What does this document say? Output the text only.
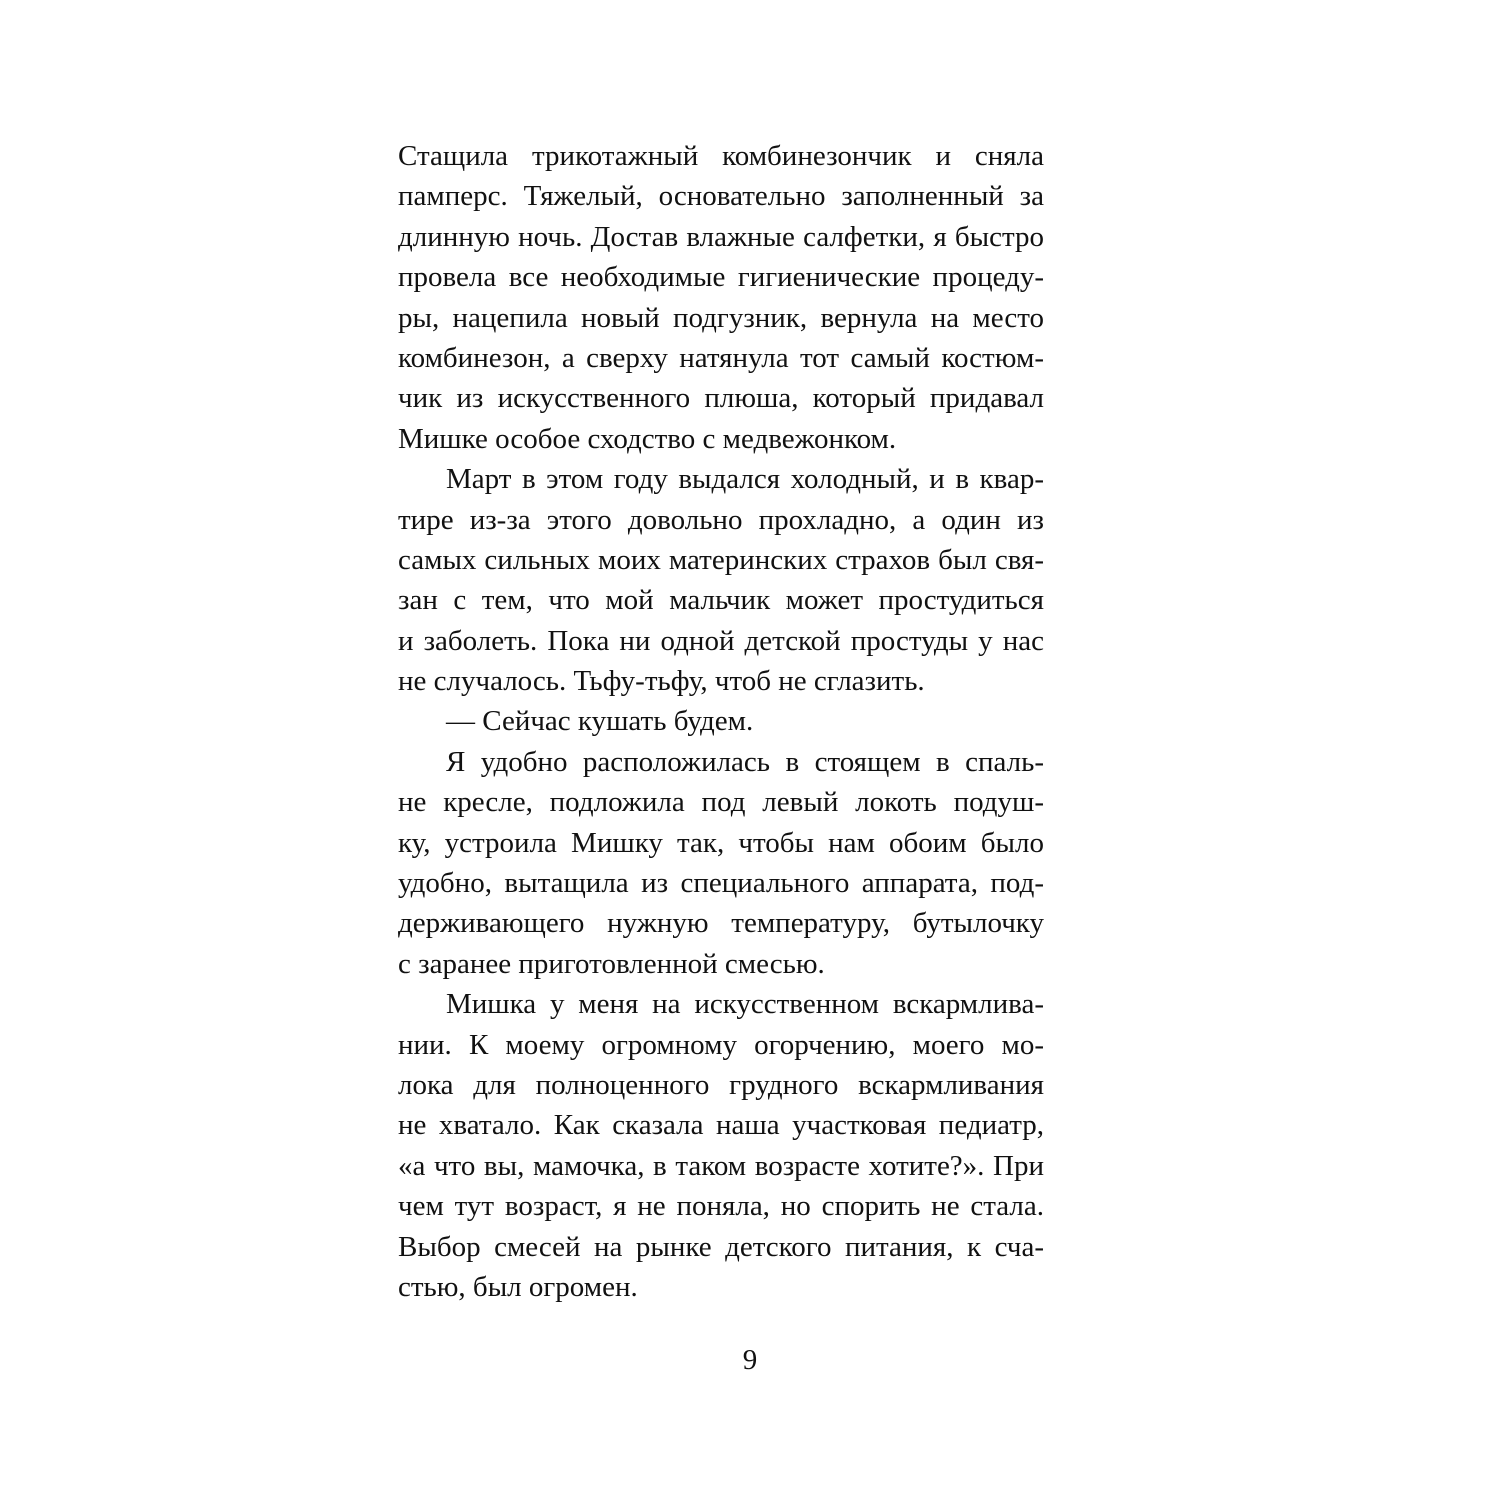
Стащила трикотажный комбинезончик и сняла
памперс. Тяжелый, основательно заполненный за
длинную ночь. Достав влажные салфетки, я быстро
провела все необходимые гигиенические процеду-
ры, нацепила новый подгузник, вернула на место
комбинезон, а сверху натянула тот самый костюм-
чик из искусственного плюша, который придавал
Мишке особое сходство с медвежонком.
Март в этом году выдался холодный, и в квар-
тире из-за этого довольно прохладно, а один из
самых сильных моих материнских страхов был свя-
зан с тем, что мой мальчик может простудиться
и заболеть. Пока ни одной детской простуды у нас
не случалось. Тьфу-тьфу, чтоб не сглазить.
— Сейчас кушать будем.
Я удобно расположилась в стоящем в спаль-
не кресле, подложила под левый локоть подуш-
ку, устроила Мишку так, чтобы нам обоим было
удобно, вытащила из специального аппарата, под-
держивающего нужную температуру, бутылочку
с заранее приготовленной смесью.
Мишка у меня на искусственном вскармлива-
нии. К моему огромному огорчению, моего мо-
лока для полноценного грудного вскармливания
не хватало. Как сказала наша участковая педиатр,
«а что вы, мамочка, в таком возрасте хотите?». При
чем тут возраст, я не поняла, но спорить не стала.
Выбор смесей на рынке детского питания, к сча-
стью, был огромен.
9
